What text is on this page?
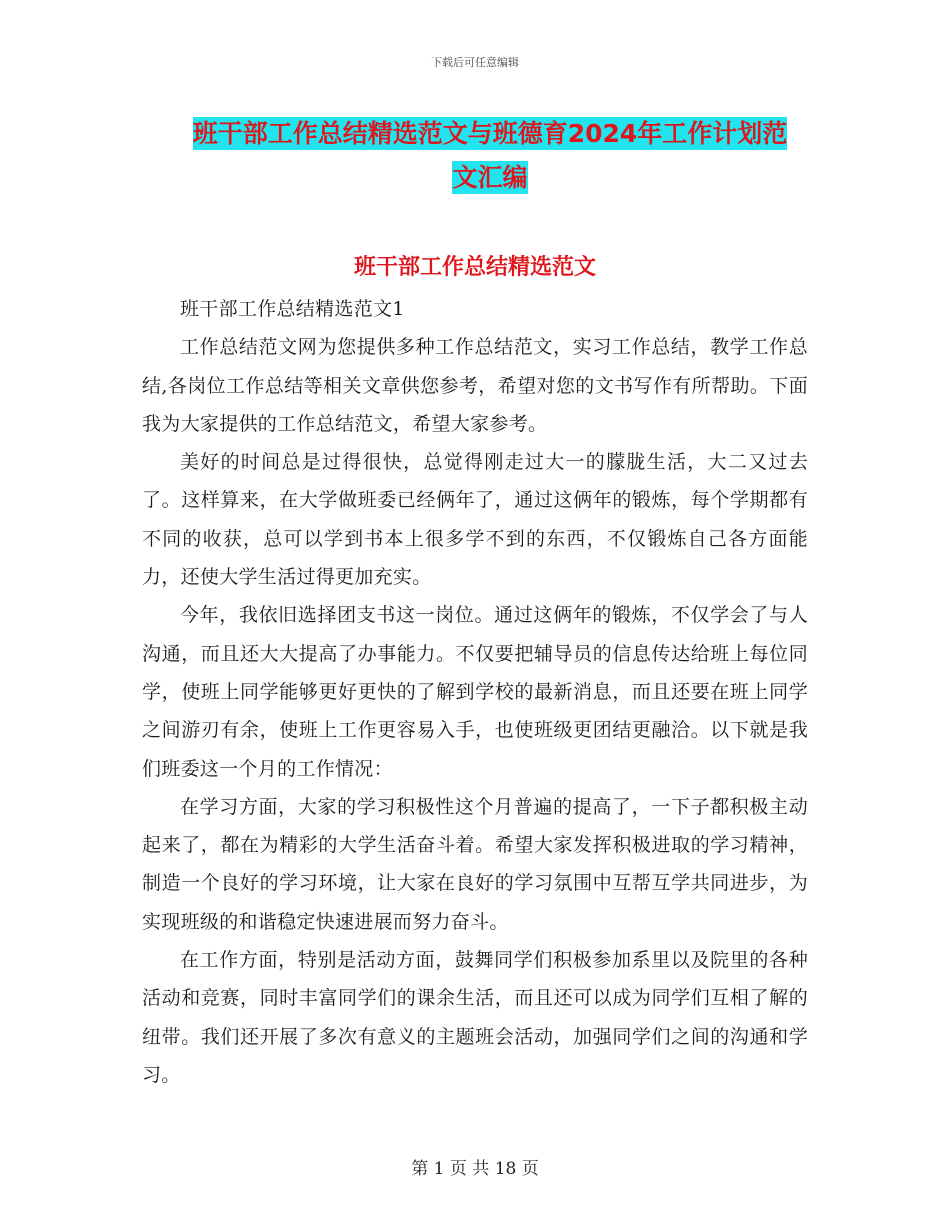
下载后可任意编辑
班干部工作总结精选范文与班德育2024年工作计划范
文汇编
班干部工作总结精选范文

班干部工作总结精选范文1

工作总结范文网为您提供多种工作总结范文，实习工作总结，教学工作总结,各岗位工作总结等相关文章供您参考，希望对您的文书写作有所帮助。下面我为大家提供的工作总结范文，希望大家参考。

美好的时间总是过得很快，总觉得刚走过大一的朦胧生活，大二又过去了。这样算来，在大学做班委已经俩年了，通过这俩年的锻炼，每个学期都有不同的收获，总可以学到书本上很多学不到的东西，不仅锻炼自己各方面能力，还使大学生活过得更加充实。

今年，我依旧选择团支书这一岗位。通过这俩年的锻炼，不仅学会了与人沟通，而且还大大提高了办事能力。不仅要把辅导员的信息传达给班上每位同学，使班上同学能够更好更快的了解到学校的最新消息，而且还要在班上同学之间游刃有余，使班上工作更容易入手，也使班级更团结更融洽。以下就是我们班委这一个月的工作情况：

在学习方面，大家的学习积极性这个月普遍的提高了，一下子都积极主动起来了，都在为精彩的大学生活奋斗着。希望大家发挥积极进取的学习精神，制造一个良好的学习环境，让大家在良好的学习氛围中互帮互学共同进步，为实现班级的和谐稳定快速进展而努力奋斗。

在工作方面，特别是活动方面，鼓舞同学们积极参加系里以及院里的各种活动和竞赛，同时丰富同学们的课余生活，而且还可以成为同学们互相了解的纽带。我们还开展了多次有意义的主题班会活动，加强同学们之间的沟通和学习。

第 1 页 共 18 页
